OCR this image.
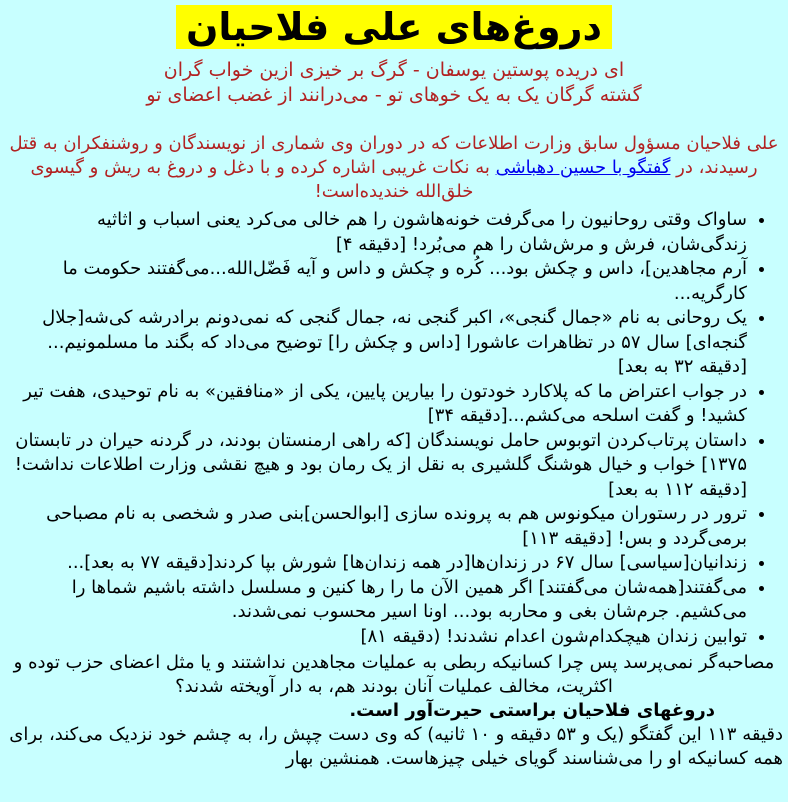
دروغ‌های علی فلاحیان
ای دریده پوستین یوسفان - گرگ بر خیزی ازین خواب گران
گشته گرگان یک به یک خوهای تو - می‌درانند از غضب اعضای تو

علی فلاحیان مسؤول سابق وزارت اطلاعات که در دوران وی شماری از نویسندگان و روشنفکران به قتل رسیدند، در گفتگو با حسین دهباشی به نکات غریبی اشاره کرده و با دغل و دروغ به ریش و گیسوی خلق‌الله خندیده‌است!

• ساواک وقتی روحانیون را می‌گرفت خونه‌هاشون را هم خالی می‌کرد یعنی اسباب و اثاثیه زندگی‌شان، فرش و مرش‌شان را هم می‌بُرد! [دقیقه ۴]
• آرم مجاهدین]، داس و چکش بود... کُره و چکش و داس و آیه فَضّل‌الله...می‌گفتند حکومت ما کارگریه...
• یک روحانی به نام «جمال گنجی»، اکبر گنجی نه، جمال گنجی که نمی‌دونم برادرشه کی‌شه[جلال گنجه‌ای] سال ۵۷ در تظاهرات عاشورا [داس و چکش را] توضیح می‌داد که بگند ما مسلمونیم...[دقیقه ۳۲ به بعد]
• در جواب اعتراض ما که پلاکارد خودتون را بیارین پایین، یکی از «منافقین» به نام توحیدی، هفت تیر کشید! و گفت اسلحه می‌کشم...[دقیقه ۳۴]
• داستان پرتاب‌کردن اتوبوس حامل نویسندگان [که راهی ارمنستان بودند، در گردنه حیران در تابستان ۱۳۷۵] خواب و خیال هوشنگ گلشیری به نقل از یک رمان بود و هیچ نقشی وزارت اطلاعات نداشت! [دقیقه ۱۱۲ به بعد]
• ترور در رستوران میکونوس هم به پرونده سازی [ابوالحسن]بنی صدر و شخصی به نام مصباحی برمی‌گردد و بس! [دقیقه ۱۱۳]
• زندانیان[سیاسی] سال ۶۷ در زندان‌ها[در همه زندان‌ها] شورش بپا کردند[دقیقه ۷۷ به بعد]...
• می‌گفتند[همه‌شان می‌گفتند] اگر همین الآن ما را رها کنین و مسلسل داشته باشیم شماها را می‌کشیم. جرم‌شان بغی و محاربه بود... اونا اسیر محسوب نمی‌شدند.
• توابین زندان هیچکدام‌شون اعدام نشدند! (دقیقه ۸۱]

مصاحبه‌گر نمی‌پرسد پس چرا کسانیکه ربطی به عملیات مجاهدین نداشتند و یا مثل اعضای حزب توده و اکثریت، مخالف عملیات آنان بودند هم، به دار آویخته شدند؟

دروغهای فلاحیان براستی حیرت‌آور است.

دقیقه ۱۱۳ این گفتگو (یک و ۵۳ دقیقه و ۱۰ ثانیه) که وی دست چپش را، به چشم خود نزدیک می‌کند، برای همه کسانیکه او را می‌شناسند گویای خیلی چیزهاست. همنشین بهار
